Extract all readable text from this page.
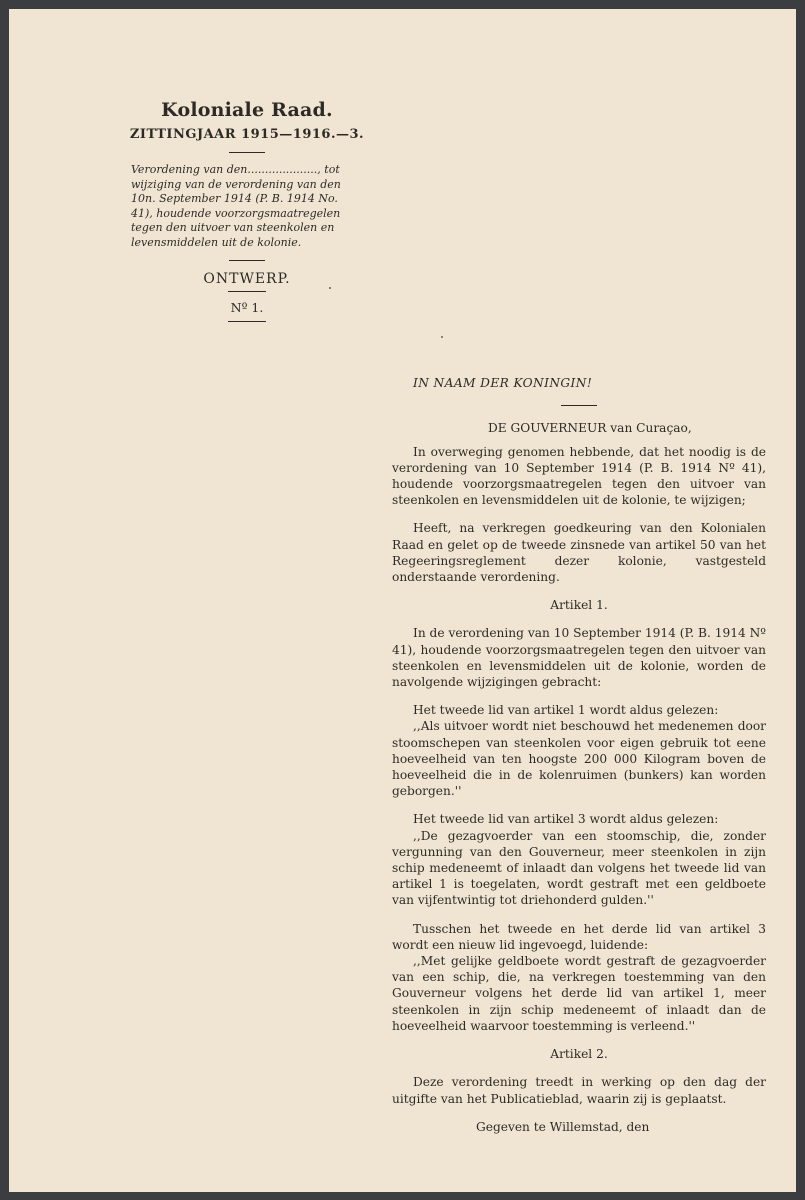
Koloniale Raad.
ZITTINGJAAR 1915—1916.—3.
Verordening van den...................., tot wijziging van de verordening van den 10n. September 1914 (P. B. 1914 No. 41), houdende voorzorgsmaatregelen tegen den uitvoer van steenkolen en levensmiddelen uit de kolonie.
ONTWERP.
Nº 1.

IN NAAM DER KONINGIN!

DE GOUVERNEUR van Curaçao,

In overweging genomen hebbende, dat het noodig is de verordening van 10 September 1914 (P. B. 1914 Nº 41), houdende voorzorgsmaatregelen tegen den uitvoer van steenkolen en levensmiddelen uit de kolonie, te wijzigen;

Heeft, na verkregen goedkeuring van den Kolonialen Raad en gelet op de tweede zinsnede van artikel 50 van het Regeeringsreglement dezer kolonie, vastgesteld onderstaande verordening.

Artikel 1.

In de verordening van 10 September 1914 (P. B. 1914 Nº 41), houdende voorzorgsmaatregelen tegen den uitvoer van steenkolen en levensmiddelen uit de kolonie, worden de navolgende wijzigingen gebracht:

Het tweede lid van artikel 1 wordt aldus gelezen:

,,Als uitvoer wordt niet beschouwd het medenemen door stoomschepen van steenkolen voor eigen gebruik tot eene hoeveelheid van ten hoogste 200 000 Kilogram boven de hoeveelheid die in de kolenruimen (bunkers) kan worden geborgen.''

Het tweede lid van artikel 3 wordt aldus gelezen:

,,De gezagvoerder van een stoomschip, die, zonder vergunning van den Gouverneur, meer steenkolen in zijn schip medeneemt of inlaadt dan volgens het tweede lid van artikel 1 is toegelaten, wordt gestraft met een geldboete van vijfentwintig tot driehonderd gulden.''

Tusschen het tweede en het derde lid van artikel 3 wordt een nieuw lid ingevoegd, luidende:

,,Met gelijke geldboete wordt gestraft de gezagvoerder van een schip, die, na verkregen toestemming van den Gouverneur volgens het derde lid van artikel 1, meer steenkolen in zijn schip medeneemt of inlaadt dan de hoeveelheid waarvoor toestemming is verleend.''

Artikel 2.

Deze verordening treedt in werking op den dag der uitgifte van het Publicatieblad, waarin zij is geplaatst.

Gegeven te Willemstad, den
